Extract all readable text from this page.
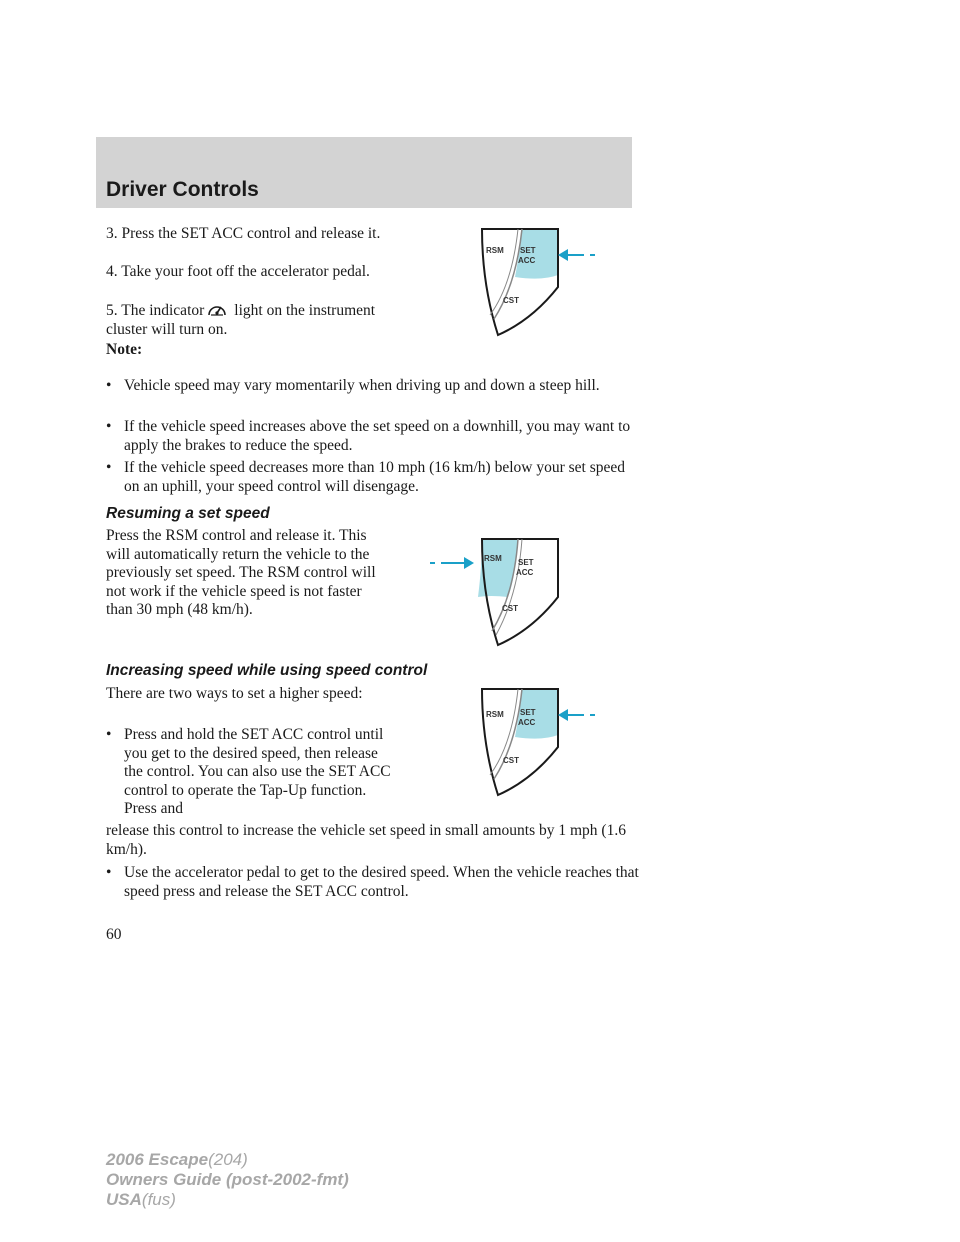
Driver Controls

3. Press the SET ACC control and release it.

4. Take your foot off the accelerator pedal.

5. The indicator light on the instrument cluster will turn on.

RSM SET
ACC
CST

Note:

• Vehicle speed may vary momentarily when driving up and down a steep hill.
• If the vehicle speed increases above the set speed on a downhill, you may want to apply the brakes to reduce the speed.
• If the vehicle speed decreases more than 10 mph (16 km/h) below your set speed on an uphill, your speed control will disengage.

Resuming a set speed

Press the RSM control and release it. This will automatically return the vehicle to the previously set speed. The RSM control will not work if the vehicle speed is not faster than 30 mph (48 km/h).

RSM SET
ACC
CST

Increasing speed while using speed control

There are two ways to set a higher speed:

• Press and hold the SET ACC control until you get to the desired speed, then release the control. You can also use the SET ACC control to operate the Tap-Up function. Press and

release this control to increase the vehicle set speed in small amounts by 1 mph (1.6 km/h).

• Use the accelerator pedal to get to the desired speed. When the vehicle reaches that speed press and release the SET ACC control.
RSM SET
ACC
CST

60

2006 Escape(204)
Owners Guide (post-2002-fmt)
USA(fus)
